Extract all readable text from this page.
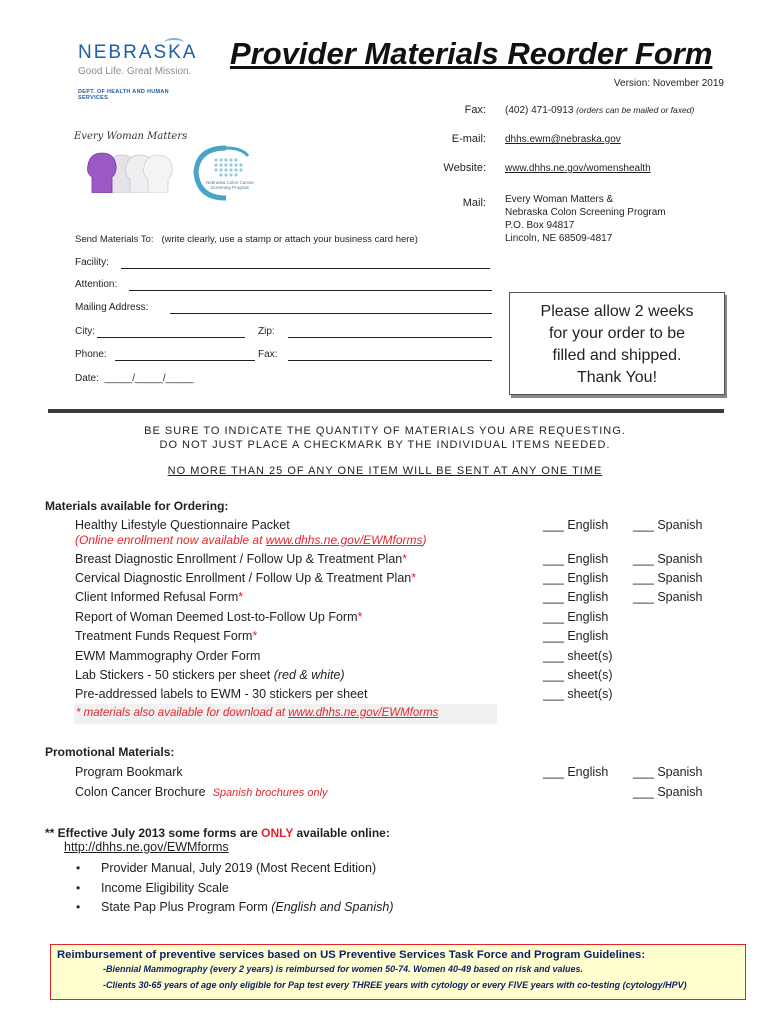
NEBRASKA
Good Life. Great Mission.
DEPT. OF HEALTH AND HUMAN SERVICES
Provider Materials Reorder Form
Version: November 2019
Every Woman Matters
Nebraska Colon Cancer Screening Program
Fax: (402) 471-0913 (orders can be mailed or faxed)
E-mail: dhhs.ewm@nebraska.gov
Website: www.dhhs.ne.gov/womenshealth
Mail: Every Woman Matters &
Nebraska Colon Screening Program
P.O. Box 94817
Lincoln, NE 68509-4817
Send Materials To: (write clearly, use a stamp or attach your business card here)
Facility:
Attention:
Mailing Address:
City:	Zip:
Phone:	Fax:
Date:  _____/_____/_____
Please allow 2 weeks
for your order to be
filled and shipped.
Thank You!
BE SURE TO INDICATE THE QUANTITY OF MATERIALS YOU ARE REQUESTING.
DO NOT JUST PLACE A CHECKMARK BY THE INDIVIDUAL ITEMS NEEDED.
NO MORE THAN 25 OF ANY ONE ITEM WILL BE SENT AT ANY ONE TIME
Materials available for Ordering:
Healthy Lifestyle Questionnaire Packet	___ English ___ Spanish
Breast Diagnostic Enrollment / Follow Up & Treatment Plan*	___ English ___ Spanish
Cervical Diagnostic Enrollment / Follow Up & Treatment Plan*	___ English ___ Spanish
Client Informed Refusal Form*	___ English ___ Spanish
Report of Woman Deemed Lost-to-Follow Up Form*	___ English
Treatment Funds Request Form*	___ English
EWM Mammography Order Form	___ sheet(s)
Lab Stickers - 50 stickers per sheet (red & white)	___ sheet(s)
Pre-addressed labels to EWM - 30 stickers per sheet	___ sheet(s)
(Online enrollment now available at www.dhhs.ne.gov/EWMforms)
* materials also available for download at www.dhhs.ne.gov/EWMforms
Promotional Materials:
Program Bookmark	___ English ___ Spanish
Colon Cancer Brochure Spanish brochures only	___ Spanish
** Effective July 2013 some forms are ONLY available online:
http://dhhs.ne.gov/EWMforms
• Provider Manual, July 2019 (Most Recent Edition)
• Income Eligibility Scale
• State Pap Plus Program Form (English and Spanish)
Reimbursement of preventive services based on US Preventive Services Task Force and Program Guidelines:
-Biennial Mammography (every 2 years) is reimbursed for women 50-74. Women 40-49 based on risk and values.
-Clients 30-65 years of age only eligible for Pap test every THREE years with cytology or every FIVE years with co-testing (cytology/HPV)
